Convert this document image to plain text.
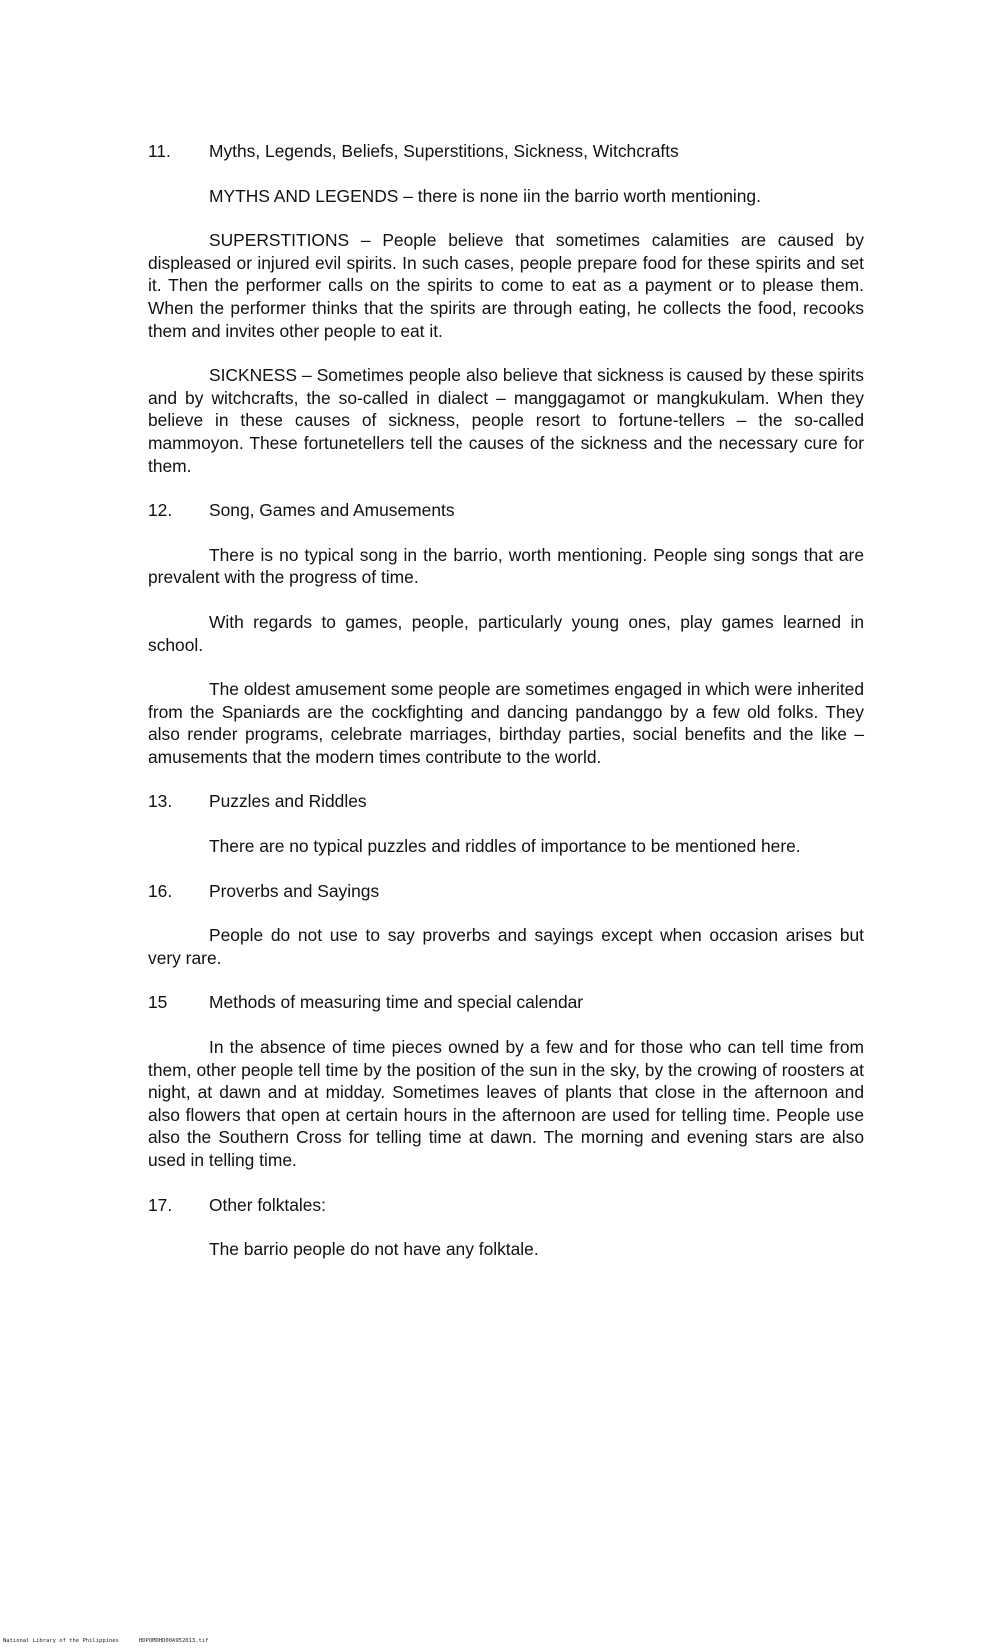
11.	Myths, Legends, Beliefs, Superstitions, Sickness, Witchcrafts

MYTHS AND LEGENDS – there is none iin the barrio worth mentioning.

SUPERSTITIONS – People believe that sometimes calamities are caused by displeased or injured evil spirits. In such cases, people prepare food for these spirits and set it. Then the performer calls on the spirits to come to eat as a payment or to please them. When the performer thinks that the spirits are through eating, he collects the food, recooks them and invites other people to eat it.

SICKNESS – Sometimes people also believe that sickness is caused by these spirits and by witchcrafts, the so-called in dialect – manggagamot or mangkukulam. When they believe in these causes of sickness, people resort to fortune-tellers – the so-called mammoyon. These fortunetellers tell the causes of the sickness and the necessary cure for them.

12.	Song, Games and Amusements

There is no typical song in the barrio, worth mentioning. People sing songs that are prevalent with the progress of time.

With regards to games, people, particularly young ones, play games learned in school.

The oldest amusement some people are sometimes engaged in which were inherited from the Spaniards are the cockfighting and dancing pandanggo by a few old folks. They also render programs, celebrate marriages, birthday parties, social benefits and the like – amusements that the modern times contribute to the world.

13.	Puzzles and Riddles

There are no typical puzzles and riddles of importance to be mentioned here.

16.	Proverbs and Sayings

People do not use to say proverbs and sayings except when occasion arises but very rare.

15	Methods of measuring time and special calendar

In the absence of time pieces owned by a few and for those who can tell time from them, other people tell time by the position of the sun in the sky, by the crowing of roosters at night, at dawn and at midday. Sometimes leaves of plants that close in the afternoon and also flowers that open at certain hours in the afternoon are used for telling time. People use also the Southern Cross for telling time at dawn. The morning and evening stars are also used in telling time.

17.	Other folktales:

The barrio people do not have any folktale.

National Library of the Philippines	HDPOMDHD00A952013.tif
